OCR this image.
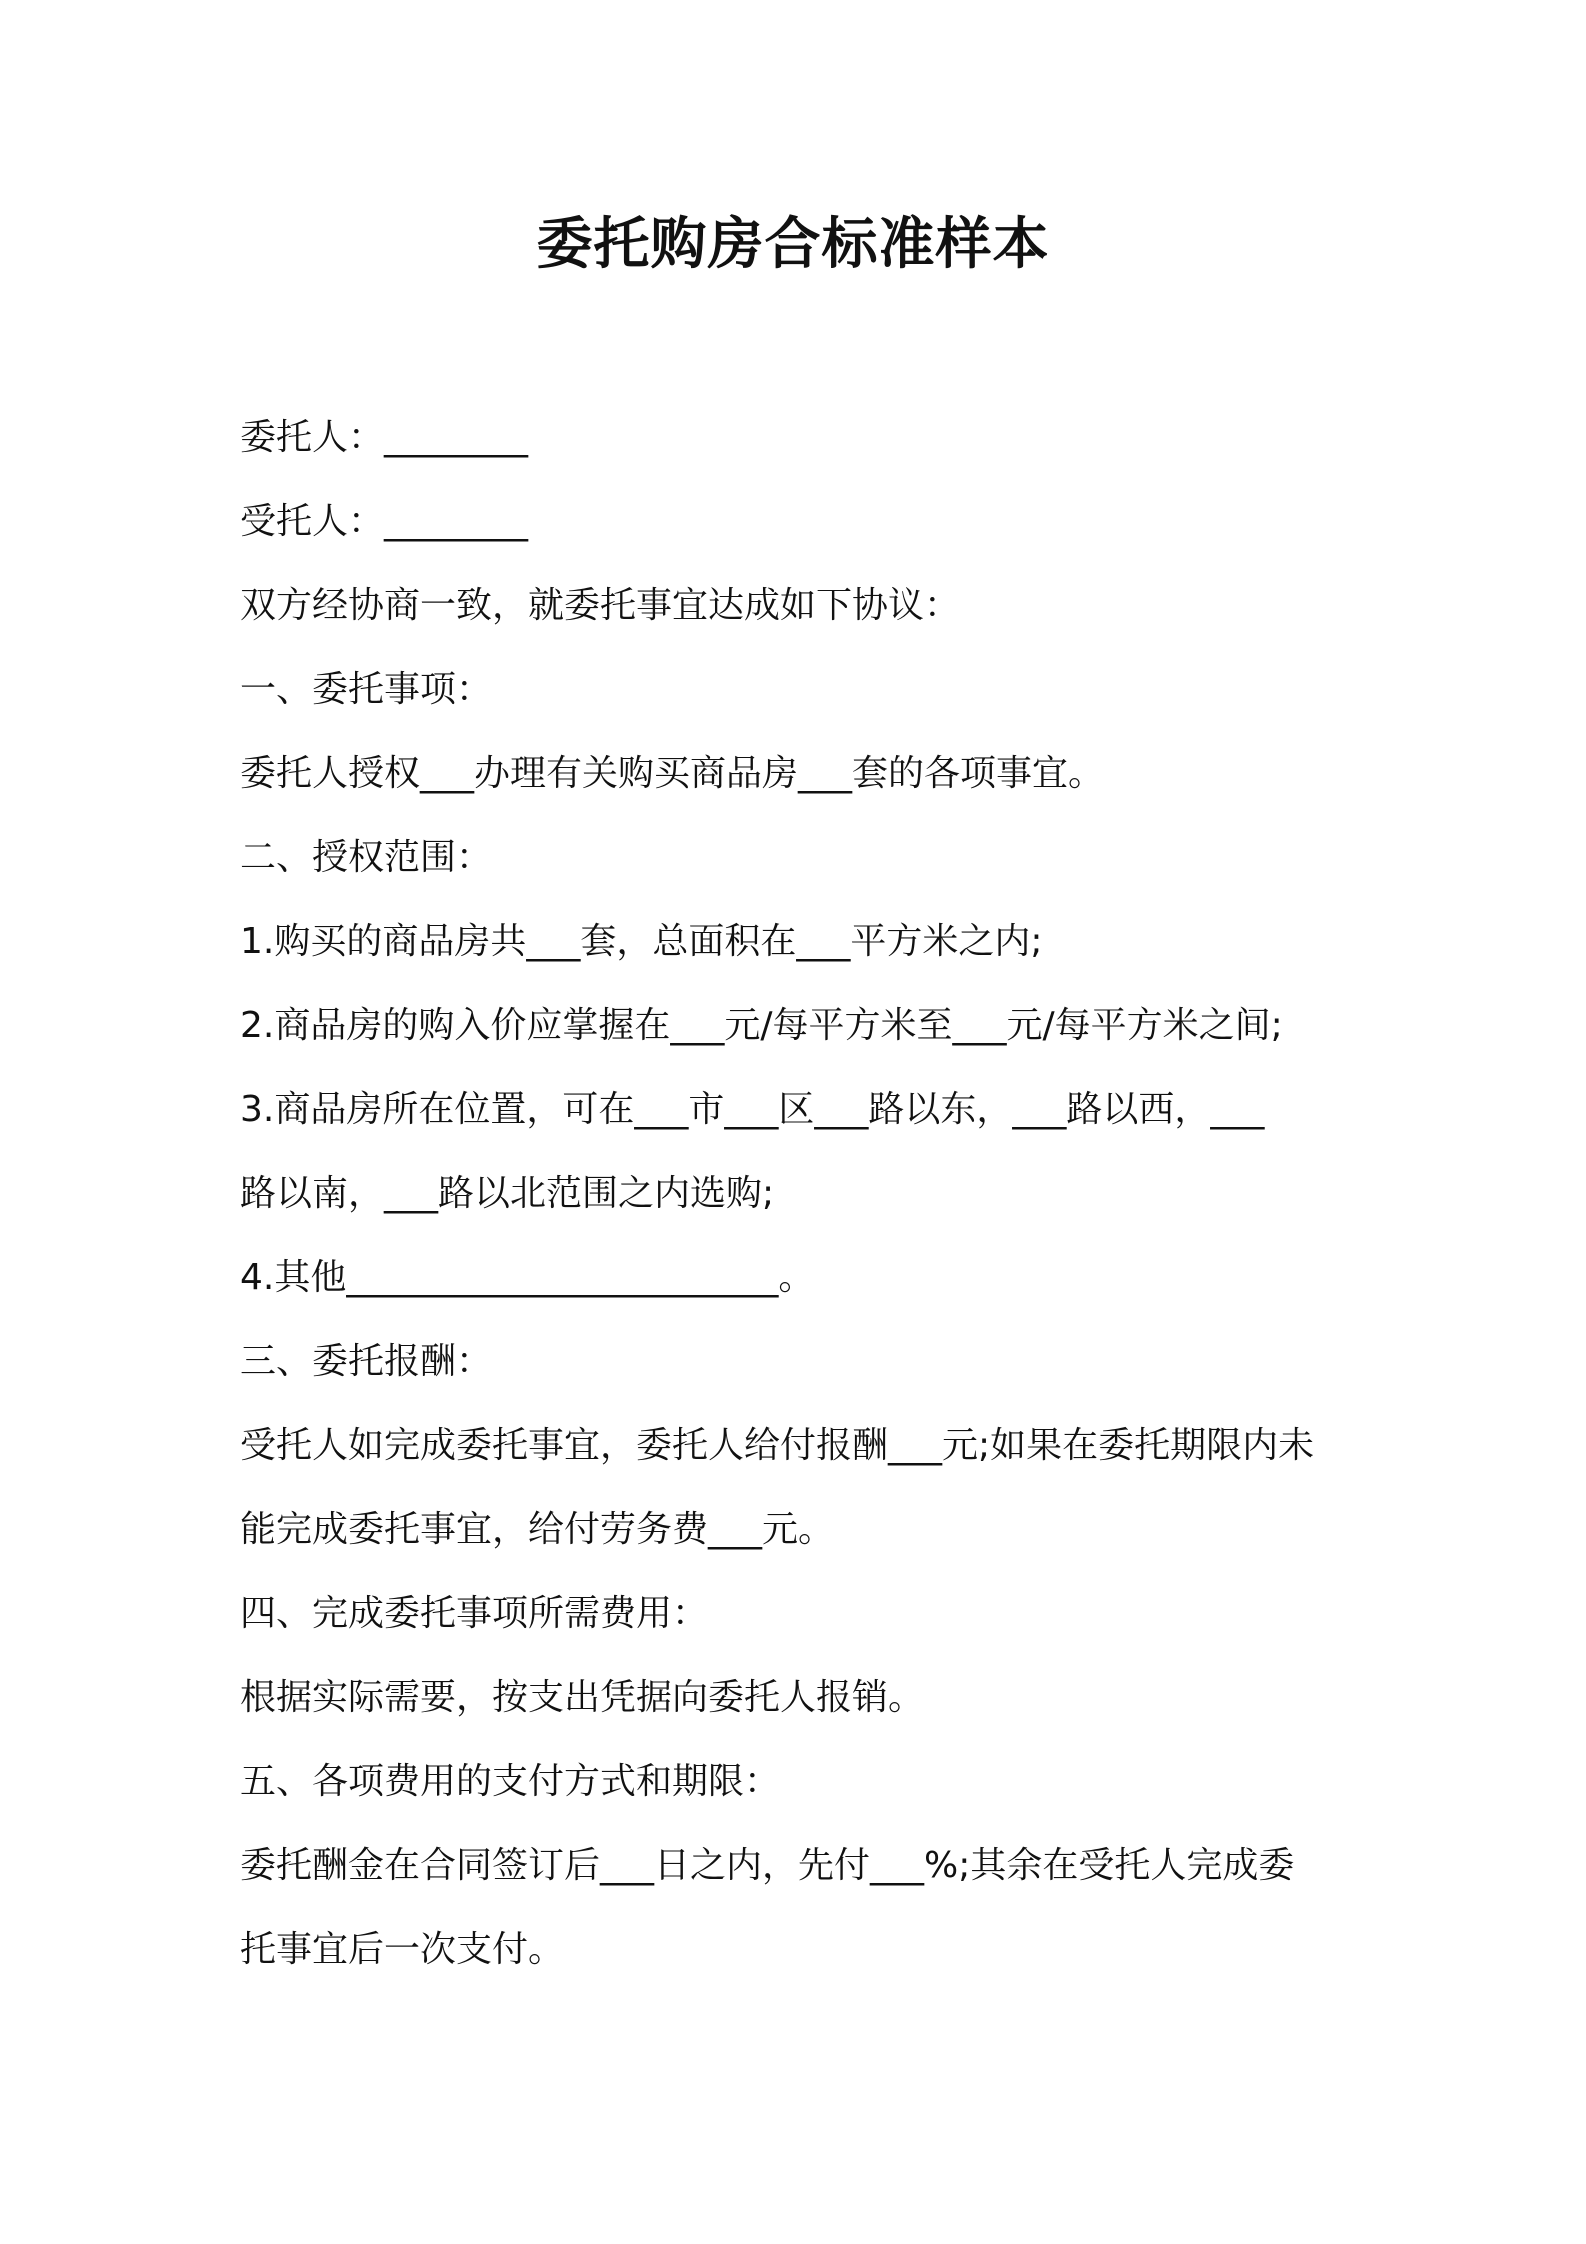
委托购房合标准样本

委托人：________

受托人：________

双方经协商一致，就委托事宜达成如下协议：

一、委托事项：

委托人授权___办理有关购买商品房___套的各项事宜。

二、授权范围：

1.购买的商品房共___套，总面积在___平方米之内;

2.商品房的购入价应掌握在___元/每平方米至___元/每平方米之间;

3.商品房所在位置，可在___市___区___路以东，___路以西，___

路以南，___路以北范围之内选购;

4.其他________________________。

三、委托报酬：

受托人如完成委托事宜，委托人给付报酬___元;如果在委托期限内未

能完成委托事宜，给付劳务费___元。

四、完成委托事项所需费用：

根据实际需要，按支出凭据向委托人报销。

五、各项费用的支付方式和期限：

委托酬金在合同签订后___日之内，先付___%;其余在受托人完成委

托事宜后一次支付。
